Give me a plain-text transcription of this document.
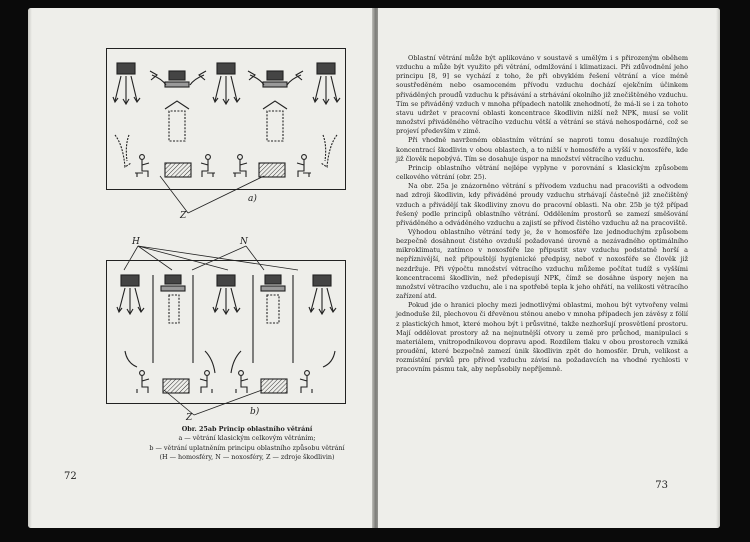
a)
Z
H	N
b)
Z
Obr. 25ab Princip oblastního větrání
a — větrání klasickým celkovým větráním;
b — větrání uplatněním principu oblastního způsobu větrání
(H — homosféry, N — noxosféry, Z — zdroje škodlivin)
72

Oblastní větrání může být aplikováno v soustavě s umělým i s přirozeným oběhem vzduchu a může být využito při větrání, odmlžování i klimatizaci. Při zdůvodnění jeho principu [8, 9] se vychází z toho, že při obvyklém řešení větrání a více méně soustředěném nebo osamoceném přívodu vzduchu dochází ejekčním účinkem přiváděných proudů vzduchu k přisávání a strhávání okolního již znečištěného vzduchu. Tím se přiváděný vzduch v mnoha případech natolik znehodnotí, že má-li se i za tohoto stavu udržet v pracovní oblasti koncentrace škodlivin nižší než NPK, musí se volit množství přiváděného větracího vzduchu větší a větrání se stává nehospodárné, což se projeví především v zimě.

Při vhodně navrženém oblastním větrání se naproti tomu dosahuje rozdílných koncentrací škodlivin v obou oblastech, a to nižší v homosféře a vyšší v noxosféře, kde již člověk nepobývá. Tím se dosahuje úspor na množství větracího vzduchu.

Princip oblastního větrání nejlépe vyplyne v porovnání s klasickým způsobem celkového větrání (obr. 25).

Na obr. 25a je znázorněno větrání s přívodem vzduchu nad pracovišti a odvodem nad zdroji škodlivin, kdy přiváděné proudy vzduchu strhávají částečně již znečištěný vzduch a přivádějí tak škodliviny znovu do pracovní oblasti. Na obr. 25b je týž případ řešený podle principů oblastního větrání. Oddělením prostorů se zamezí směšování přiváděného a odváděného vzduchu a zajistí se přívod čistého vzduchu až na pracoviště.

Výhodou oblastního větrání tedy je, že v homosféře lze jednoduchým způsobem bezpečně dosáhnout čistého ovzduší požadované úrovně a nezávadného optimálního mikroklimatu, zatímco v noxosféře lze připustit stav vzduchu podstatně horší a nepříznivější, než připouštějí hygienické předpisy, neboť v noxosféře se člověk již nezdržuje. Při výpočtu množství větracího vzduchu můžeme počítat tudíž s vyššími koncentracemi škodlivin, než předepisují NPK, čímž se dosáhne úspory nejen na množství větracího vzduchu, ale i na spotřebě tepla k jeho ohřátí, na velikosti větracího zařízení atd.

Pokud jde o hranici plochy mezi jednotlivými oblastmi, mohou být vytvořeny velmi jednoduše žil, plechovou či dřevěnou stěnou anebo v mnoha případech jen závěsy z fólií z plastických hmot, které mohou být i průsvitné, takže nezhoršují prosvětlení prostoru. Mají oddělovat prostory až na nejnutnější otvory u země pro průchod, manipulaci s materiálem, vnitropodnikovou dopravu apod. Rozdílem tlaku v obou prostorech vzniká proudění, které bezpečně zamezí únik škodlivin zpět do homosfér. Druh, velikost a rozmístění prvků pro přívod vzduchu závisí na požadavcích na vhodné rychlosti v pracovním pásmu tak, aby nepůsobily nepříjemně.

73
